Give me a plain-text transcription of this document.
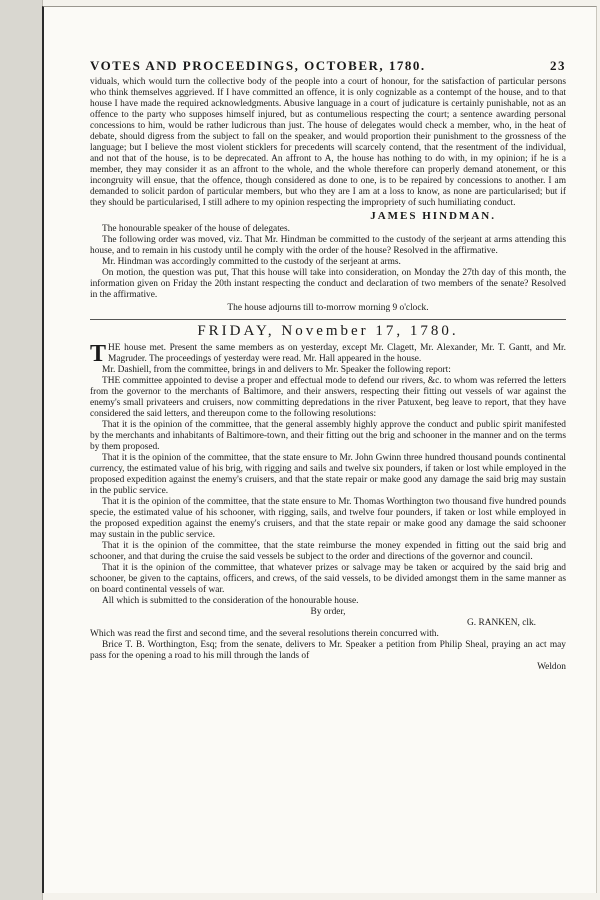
VOTES AND PROCEEDINGS, OCTOBER, 1780.	23

viduals, which would turn the collective body of the people into a court of honour, for the satisfaction of particular persons who think themselves aggrieved. If I have committed an offence, it is only cognizable as a contempt of the house, and to that house I have made the required acknowledgments. Abusive language in a court of judicature is certainly punishable, not as an offence to the party who supposes himself injured, but as contumelious respecting the court; a sentence awarding personal concessions to him, would be rather ludicrous than just. The house of delegates would check a member, who, in the heat of debate, should digress from the subject to fall on the speaker, and would proportion their punishment to the grossness of the language; but I believe the most violent sticklers for precedents will scarcely contend, that the resentment of the individual, and not that of the house, is to be deprecated. An affront to A, the house has nothing to do with, in my opinion; if he is a member, they may consider it as an affront to the whole, and the whole therefore can properly demand atonement, or this incongruity will ensue, that the offence, though considered as done to one, is to be repaired by concessions to another. I am demanded to solicit pardon of particular members, but who they are I am at a loss to know, as none are particularised; but if they should be particularised, I still adhere to my opinion respecting the impropriety of such humiliating conduct.

JAMES HINDMAN.

The honourable speaker of the house of delegates.

The following order was moved, viz. That Mr. Hindman be committed to the custody of the serjeant at arms attending this house, and to remain in his custody until he comply with the order of the house? Resolved in the affirmative.

Mr. Hindman was accordingly committed to the custody of the serjeant at arms.

On motion, the question was put, That this house will take into consideration, on Monday the 27th day of this month, the information given on Friday the 20th instant respecting the conduct and declaration of two members of the senate? Resolved in the affirmative.

The house adjourns till to-morrow morning 9 o'clock.

FRIDAY, November 17, 1780.

THE house met. Present the same members as on yesterday, except Mr. Clagett, Mr. Alexander, Mr. T. Gantt, and Mr. Magruder. The proceedings of yesterday were read. Mr. Hall appeared in the house.

Mr. Dashiell, from the committee, brings in and delivers to Mr. Speaker the following report:

THE committee appointed to devise a proper and effectual mode to defend our rivers, &c. to whom was referred the letters from the governor to the merchants of Baltimore, and their answers, respecting their fitting out vessels of war against the enemy's small privateers and cruisers, now committing depredations in the river Patuxent, beg leave to report, that they have considered the said letters, and thereupon come to the following resolutions:

That it is the opinion of the committee, that the general assembly highly approve the conduct and public spirit manifested by the merchants and inhabitants of Baltimore-town, and their fitting out the brig and schooner in the manner and on the terms by them proposed.

That it is the opinion of the committee, that the state ensure to Mr. John Gwinn three hundred thousand pounds continental currency, the estimated value of his brig, with rigging and sails and twelve six pounders, if taken or lost while employed in the proposed expedition against the enemy's cruisers, and that the state repair or make good any damage the said brig may sustain in the public service.

That it is the opinion of the committee, that the state ensure to Mr. Thomas Worthington two thousand five hundred pounds specie, the estimated value of his schooner, with rigging, sails, and twelve four pounders, if taken or lost while employed in the proposed expedition against the enemy's cruisers, and that the state repair or make good any damage the said schooner may sustain in the public service.

That it is the opinion of the committee, that the state reimburse the money expended in fitting out the said brig and schooner, and that during the cruise the said vessels be subject to the order and directions of the governor and council.

That it is the opinion of the committee, that whatever prizes or salvage may be taken or acquired by the said brig and schooner, be given to the captains, officers, and crews, of the said vessels, to be divided amongst them in the same manner as on board continental vessels of war.

All which is submitted to the consideration of the honourable house.

By order,

G. RANKEN, clk.

Which was read the first and second time, and the several resolutions therein concurred with.

Brice T. B. Worthington, Esq; from the senate, delivers to Mr. Speaker a petition from Philip Sheal, praying an act may pass for the opening a road to his mill through the lands of

Weldon
